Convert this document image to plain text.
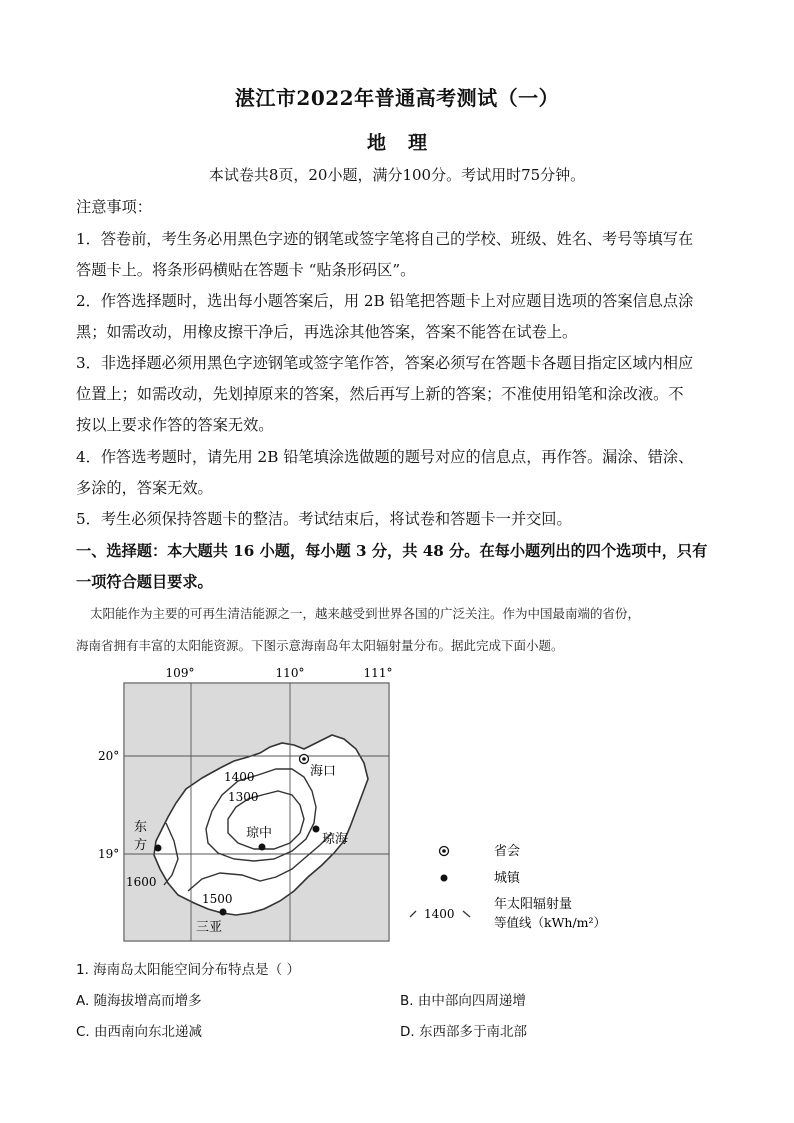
湛江市2022年普通高考测试（一）
地理
本试卷共8页，20小题，满分100分。考试用时75分钟。
注意事项：
1．答卷前，考生务必用黑色字迹的钢笔或签字笔将自己的学校、班级、姓名、考号等填写在
答题卡上。将条形码横贴在答题卡 “贴条形码区”。
2．作答选择题时，选出每小题答案后，用 2B 铅笔把答题卡上对应题目选项的答案信息点涂
黑；如需改动，用橡皮擦干净后，再选涂其他答案，答案不能答在试卷上。
3．非选择题必须用黑色字迹钢笔或签字笔作答，答案必须写在答题卡各题目指定区域内相应
位置上；如需改动，先划掉原来的答案，然后再写上新的答案；不准使用铅笔和涂改液。不
按以上要求作答的答案无效。
4．作答选考题时，请先用 2B 铅笔填涂选做题的题号对应的信息点，再作答。漏涂、错涂、
多涂的，答案无效。
5．考生必须保持答题卡的整洁。考试结束后，将试卷和答题卡一并交回。
一、选择题：本大题共 16 小题，每小题 3 分，共 48 分。在每小题列出的四个选项中，只有
一项符合题目要求。
太阳能作为主要的可再生清洁能源之一，越来越受到世界各国的广泛关注。作为中国最南端的省份，
海南省拥有丰富的太阳能资源。下图示意海南岛年太阳辐射量分布。据此完成下面小题。
109°	110°	111°
20°
19°
海口
琼中	琼海
东
方
三亚
1400
1300
1500
1600
省会
城镇
1400
年太阳辐射量
等值线（kWh/m²）
1. 海南岛太阳能空间分布特点是（ ）
A. 随海拔增高而增多	B. 由中部向四周递增
C. 由西南向东北递减	D. 东西部多于南北部
